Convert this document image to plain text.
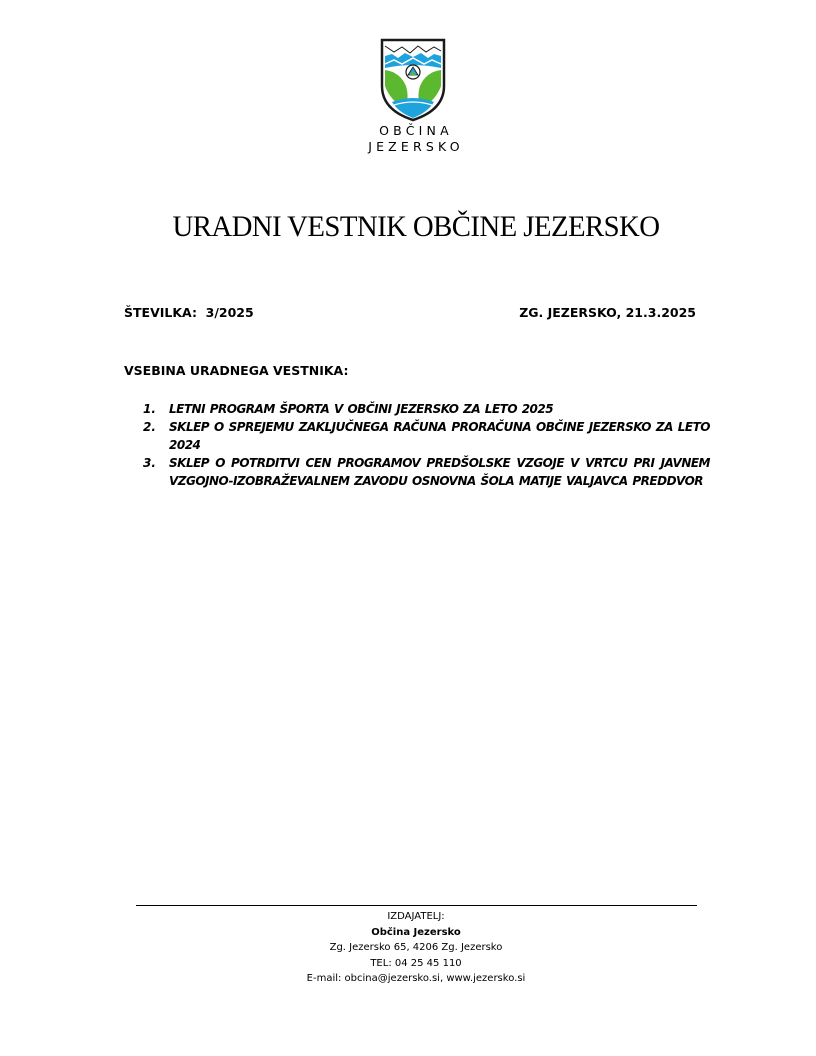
OBČINA
JEZERSKO
URADNI VESTNIK OBČINE JEZERSKO
ŠTEVILKA:  3/2025	ZG. JEZERSKO, 21.3.2025
VSEBINA URADNEGA VESTNIKA:
1.	LETNI PROGRAM ŠPORTA V OBČINI JEZERSKO ZA LETO 2025
2.	SKLEP O SPREJEMU ZAKLJUČNEGA RAČUNA PRORAČUNA OBČINE JEZERSKO ZA LETO 2024
3.	SKLEP O POTRDITVI CEN PROGRAMOV PREDŠOLSKE VZGOJE V VRTCU PRI JAVNEM VZGOJNO-IZOBRAŽEVALNEM ZAVODU OSNOVNA ŠOLA MATIJE VALJAVCA PREDDVOR
IZDAJATELJ:
Občina Jezersko
Zg. Jezersko 65, 4206 Zg. Jezersko
TEL: 04 25 45 110
E-mail: obcina@jezersko.si, www.jezersko.si
